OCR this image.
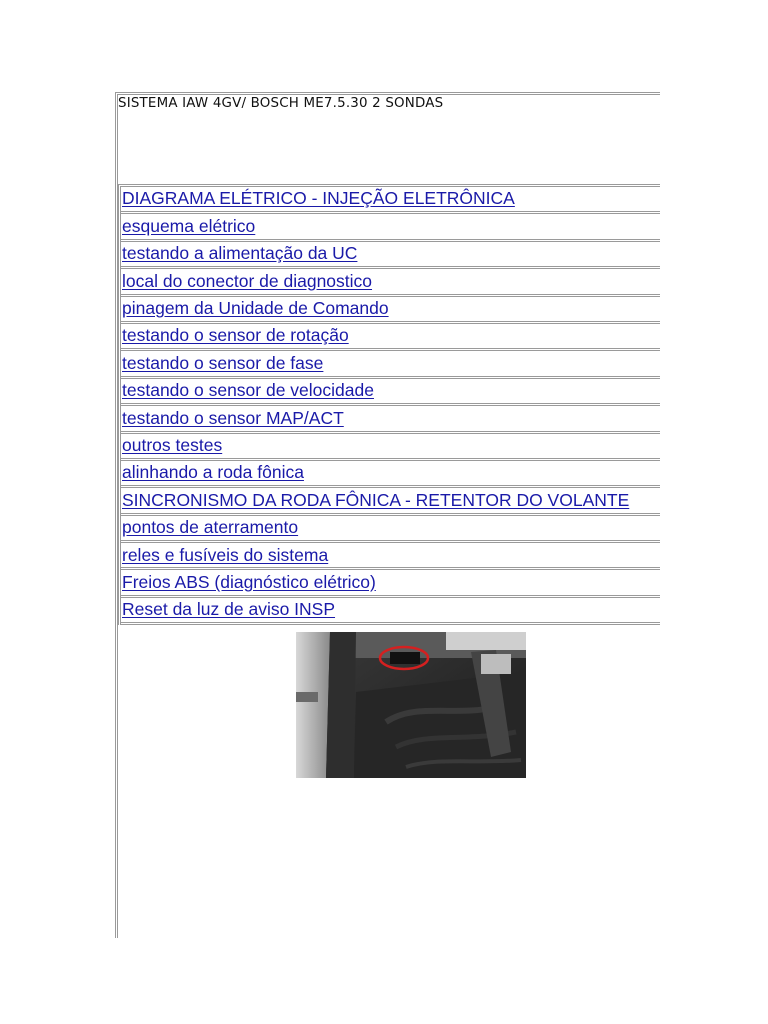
SISTEMA IAW 4GV/ BOSCH ME7.5.30 2 SONDAS
DIAGRAMA ELÉTRICO - INJEÇÃO ELETRÔNICA
esquema elétrico
testando a alimentação da UC
local do conector de diagnostico
pinagem da Unidade de Comando
testando o sensor de rotação
testando o sensor de fase
testando o sensor de velocidade
testando o sensor MAP/ACT
outros testes
alinhando a roda fônica
SINCRONISMO DA RODA FÔNICA - RETENTOR DO VOLANTE
pontos de aterramento
reles e fusíveis do sistema
Freios ABS (diagnóstico elétrico)
Reset da luz de aviso INSP
